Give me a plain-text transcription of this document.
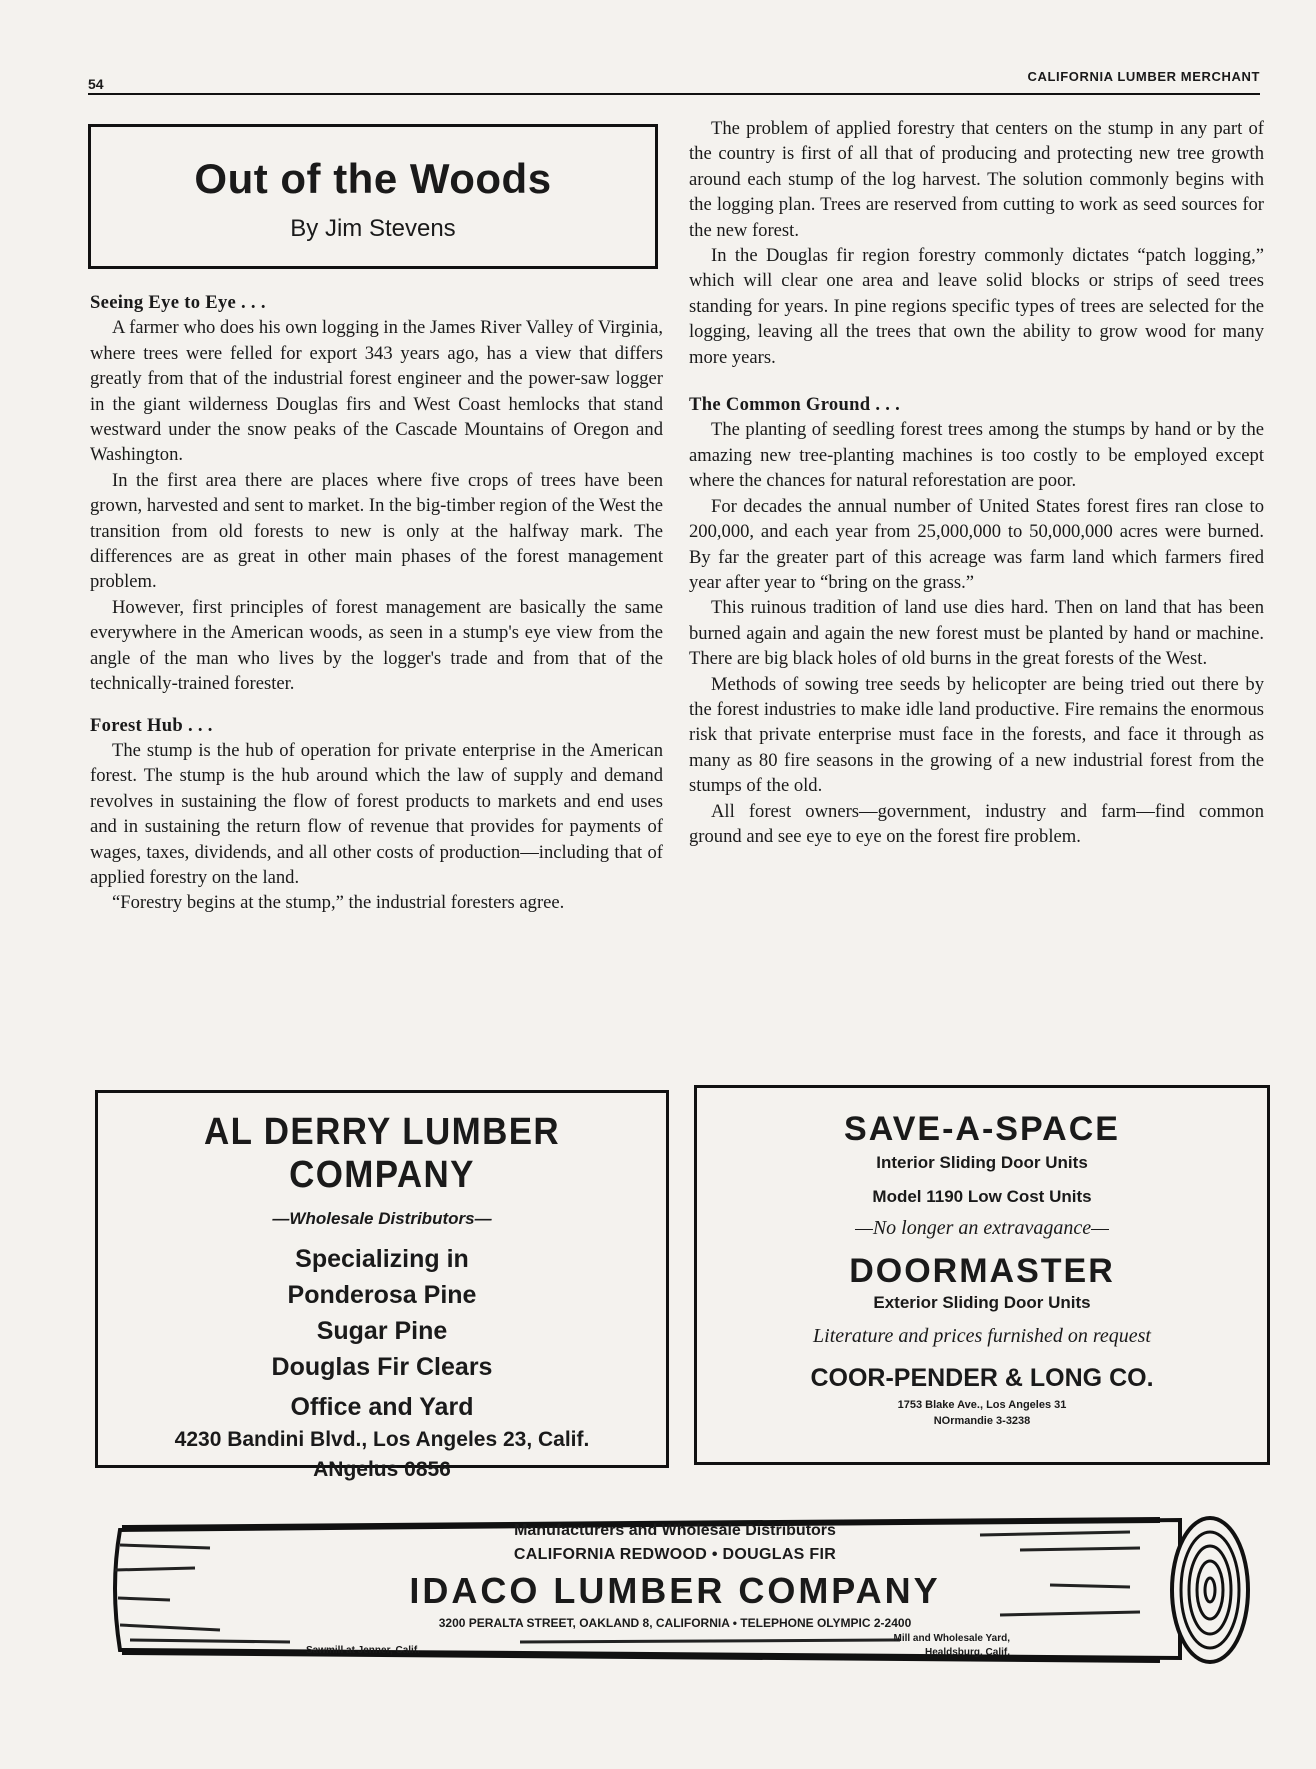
54	CALIFORNIA LUMBER MERCHANT
Out of the Woods
By Jim Stevens
Seeing Eye to Eye . . .

A farmer who does his own logging in the James River Valley of Virginia, where trees were felled for export 343 years ago, has a view that differs greatly from that of the industrial forest engineer and the power-saw logger in the giant wilderness Douglas firs and West Coast hemlocks that stand westward under the snow peaks of the Cascade Mountains of Oregon and Washington.

In the first area there are places where five crops of trees have been grown, harvested and sent to market. In the big-timber region of the West the transition from old forests to new is only at the halfway mark. The differences are as great in other main phases of the forest management problem.

However, first principles of forest management are basically the same everywhere in the American woods, as seen in a stump's eye view from the angle of the man who lives by the logger's trade and from that of the technically-trained forester.

Forest Hub . . .

The stump is the hub of operation for private enterprise in the American forest. The stump is the hub around which the law of supply and demand revolves in sustaining the flow of forest products to markets and end uses and in sustaining the return flow of revenue that provides for payments of wages, taxes, dividends, and all other costs of production—including that of applied forestry on the land.

“Forestry begins at the stump,” the industrial foresters agree.

The problem of applied forestry that centers on the stump in any part of the country is first of all that of producing and protecting new tree growth around each stump of the log harvest. The solution commonly begins with the logging plan. Trees are reserved from cutting to work as seed sources for the new forest.

In the Douglas fir region forestry commonly dictates “patch logging,” which will clear one area and leave solid blocks or strips of seed trees standing for years. In pine regions specific types of trees are selected for the logging, leaving all the trees that own the ability to grow wood for many more years.

The Common Ground . . .

The planting of seedling forest trees among the stumps by hand or by the amazing new tree-planting machines is too costly to be employed except where the chances for natural reforestation are poor.

For decades the annual number of United States forest fires ran close to 200,000, and each year from 25,000,000 to 50,000,000 acres were burned. By far the greater part of this acreage was farm land which farmers fired year after year to “bring on the grass.”

This ruinous tradition of land use dies hard. Then on land that has been burned again and again the new forest must be planted by hand or machine. There are big black holes of old burns in the great forests of the West.

Methods of sowing tree seeds by helicopter are being tried out there by the forest industries to make idle land productive. Fire remains the enormous risk that private enterprise must face in the forests, and face it through as many as 80 fire seasons in the growing of a new industrial forest from the stumps of the old.

All forest owners—government, industry and farm—find common ground and see eye to eye on the forest fire problem.

AL DERRY LUMBER COMPANY
—Wholesale Distributors—
Specializing in
Ponderosa Pine
Sugar Pine
Douglas Fir Clears
Office and Yard
4230 Bandini Blvd., Los Angeles 23, Calif.
ANgelus 0856
SAVE-A-SPACE
Interior Sliding Door Units
Model 1190 Low Cost Units
—No longer an extravagance—
DOORMASTER
Exterior Sliding Door Units
Literature and prices furnished on request
COOR-PENDER & LONG CO.
1753 Blake Ave., Los Angeles 31
NOrmandie 3-3238
Manufacturers and Wholesale Distributors
CALIFORNIA REDWOOD • DOUGLAS FIR
IDACO LUMBER COMPANY
3200 PERALTA STREET, OAKLAND 8, CALIFORNIA • TELEPHONE OLYMPIC 2-2400
Mill and Wholesale Yard,
Healdsburg, Calif.
Sawmill at Jenner, Calif.
